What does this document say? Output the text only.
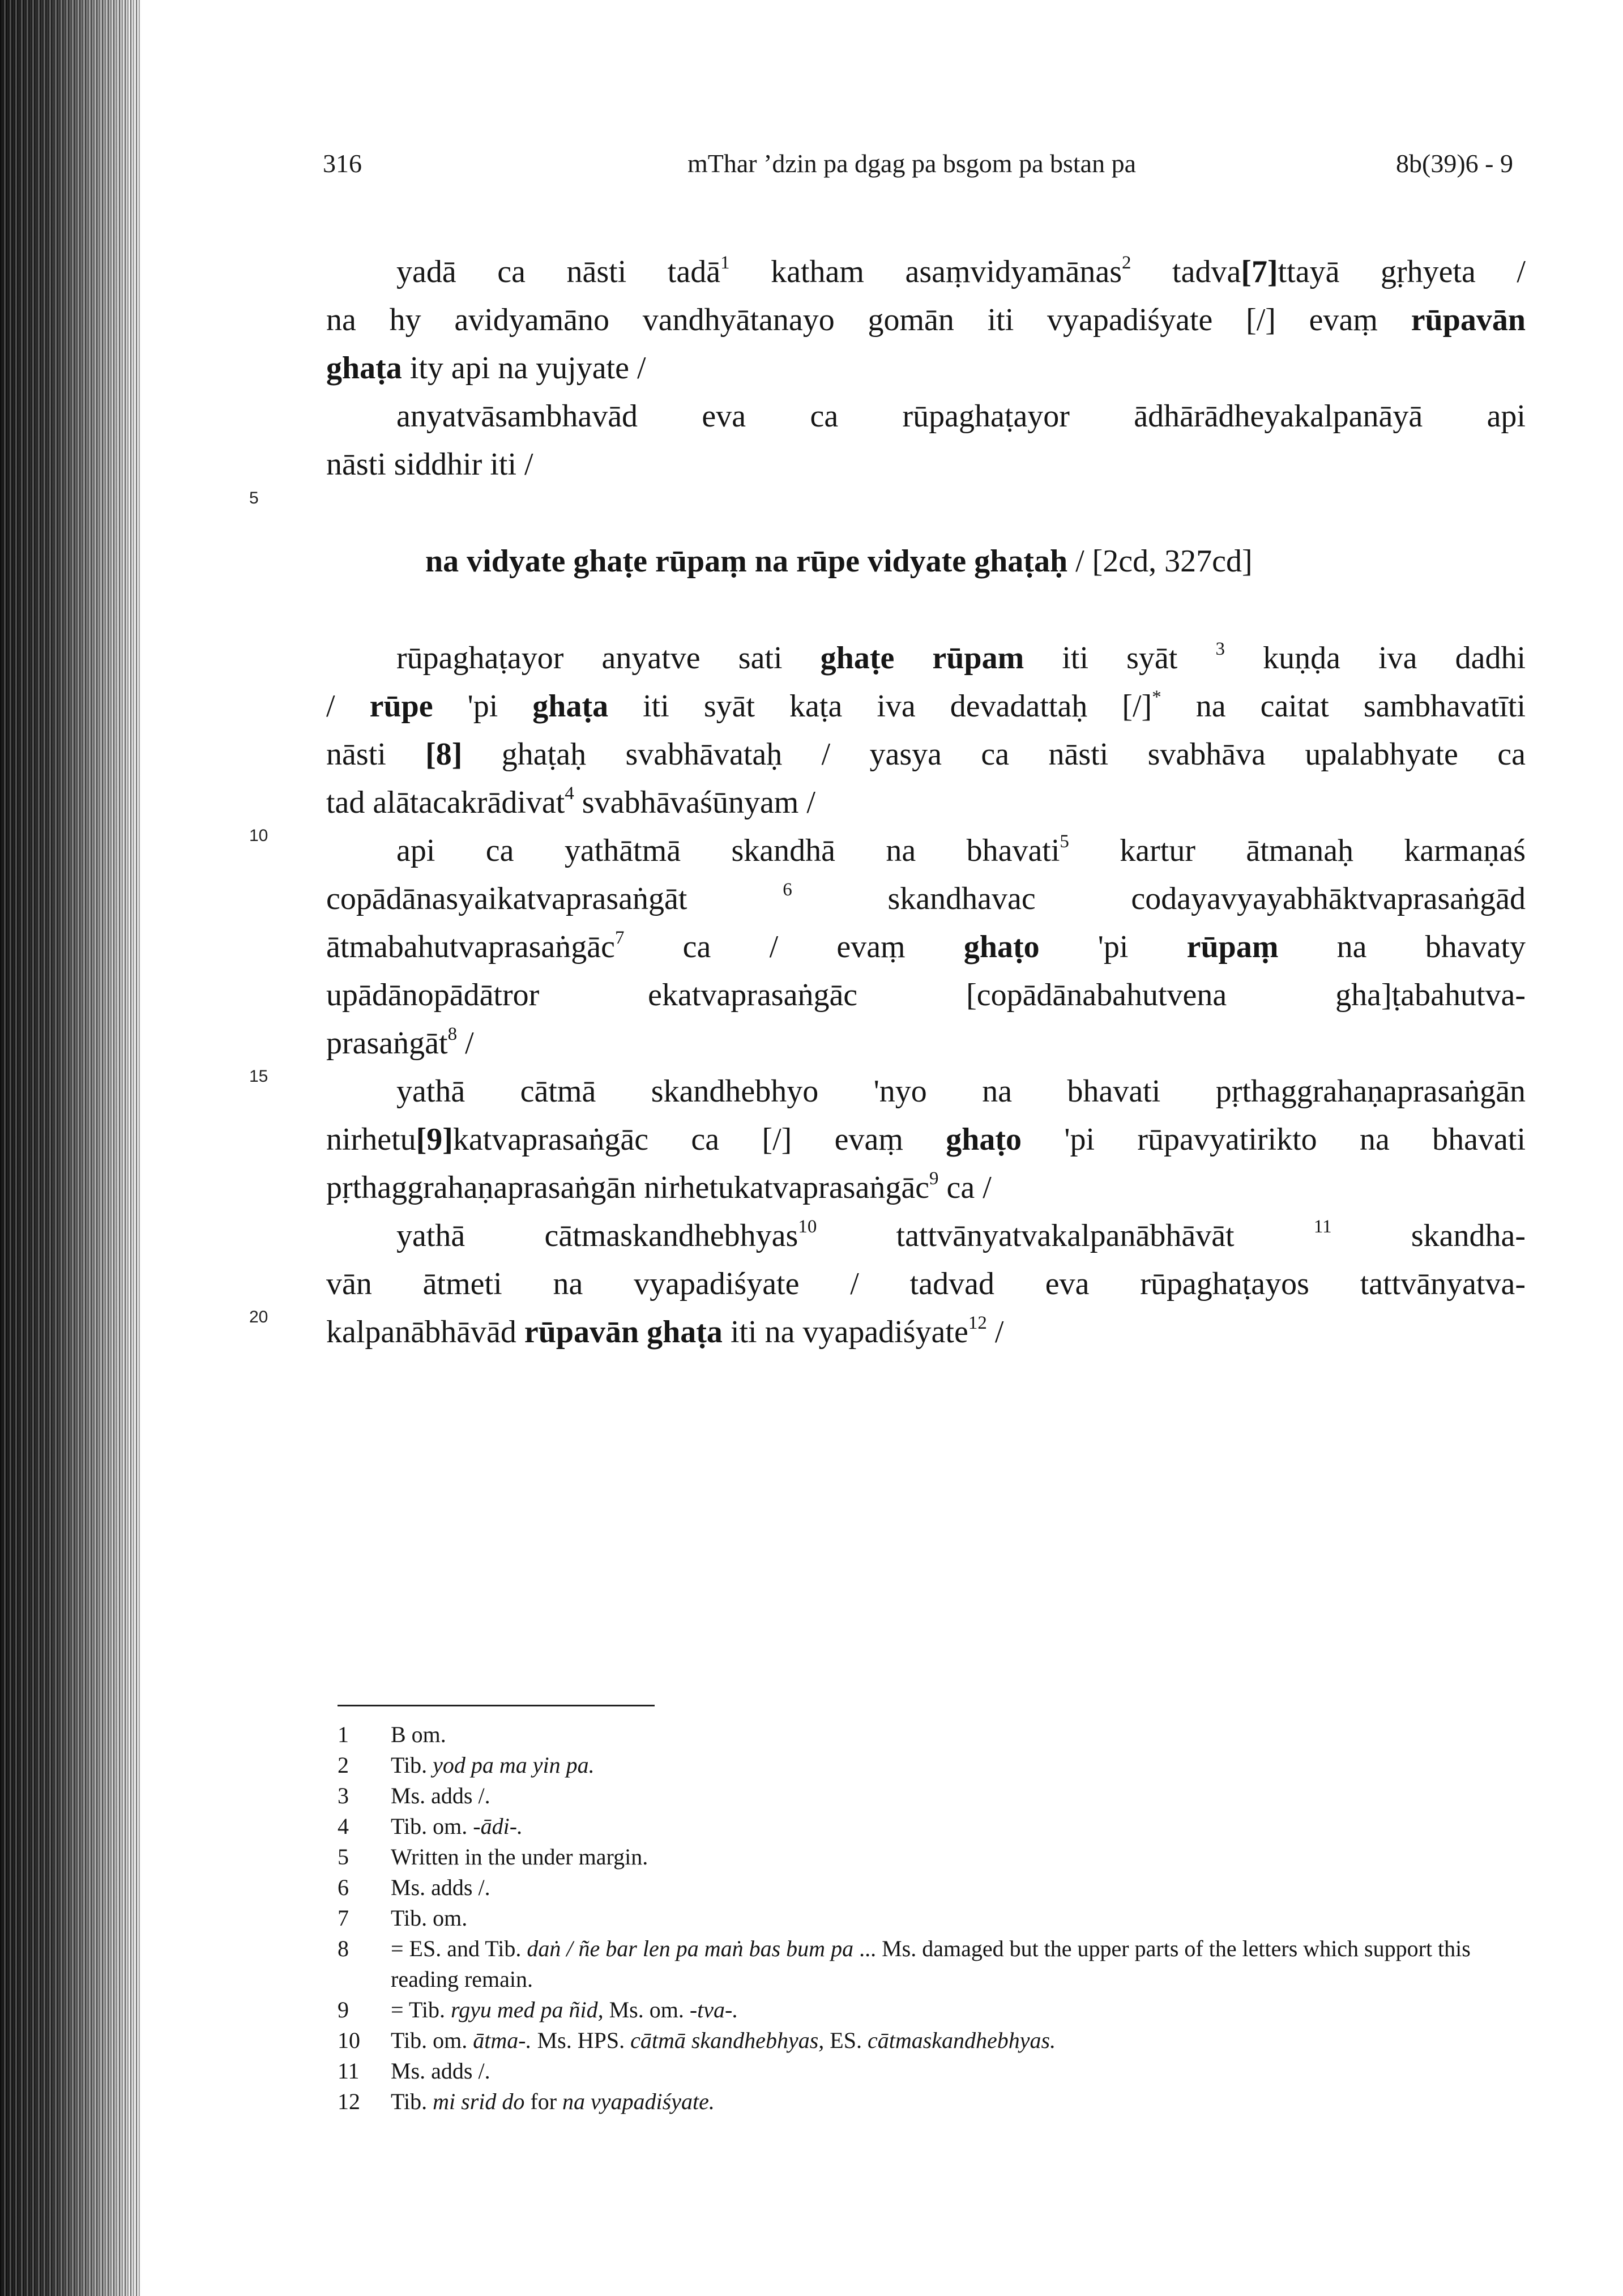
316	mThar ’dzin pa dgag pa bsgom pa bstan pa	8b(39)6 - 9
5
10
15
20
yadā ca nāsti tadā$^1$ katham asaṃvidyamānas$^2$ tadva[7]ttayā gṛhyeta /
na hy avidyamāno vandhyātanayo gomān iti vyapadiśyate [/] evaṃ rūpavān
ghaṭa ity api na yujyate /
anyatvāsambhavād eva ca rūpaghaṭayor ādhārādheyakalpanāyā api
nāsti siddhir iti /
na vidyate ghaṭe rūpaṃ na rūpe vidyate ghaṭaḥ / [2cd, 327cd]
rūpaghaṭayor anyatve sati ghaṭe rūpam iti syāt $^3$ kuṇḍa iva dadhi
/ rūpe 'pi ghaṭa iti syāt kaṭa iva devadattaḥ [/]* na caitat sambhavatīti
nāsti [8] ghaṭaḥ svabhāvataḥ / yasya ca nāsti svabhāva upalabhyate ca
tad alātacakrādivat$^4$ svabhāvaśūnyam /
api ca yathātmā skandhā na bhavati$^5$ kartur ātmanaḥ karmaṇaś
copādānasyaikatvaprasaṅgāt $^6$ skandhavac codayavyayabhāktvaprasaṅgād
ātmabahutvaprasaṅgāc$^7$ ca / evaṃ ghaṭo 'pi rūpaṃ na bhavaty
upādānopādātror ekatvaprasaṅgāc [copādānabahutvena gha]ṭabahutva-
prasaṅgāt$^8$ /
yathā cātmā skandhebhyo 'nyo na bhavati pṛthaggrahaṇaprasaṅgān
nirhetu[9]katvaprasaṅgāc ca [/] evaṃ ghaṭo 'pi rūpavyatirikto na bhavati
pṛthaggrahaṇaprasaṅgān nirhetukatvaprasaṅgāc$^9$ ca /
yathā cātmaskandhebhyas$^{10}$ tattvānyatvakalpanābhāvāt $^{11}$ skandha-
vān ātmeti na vyapadiśyate / tadvad eva rūpaghaṭayos tattvānyatva-
kalpanābhāvād rūpavān ghaṭa iti na vyapadiśyate$^{12}$ /
1 B om.
2 Tib. yod pa ma yin pa.
3 Ms. adds /.
4 Tib. om. -ādi-.
5 Written in the under margin.
6 Ms. adds /.
7 Tib. om.
8 = ES. and Tib. daṅ / ñe bar len pa maṅ bas bum pa ... Ms. damaged but the upper parts of the letters which support this reading remain.
9 = Tib. rgyu med pa ñid, Ms. om. -tva-.
10 Tib. om. ātma-. Ms. HPS. cātmā skandhebhyas, ES. cātmaskandhebhyas.
11 Ms. adds /.
12 Tib. mi srid do for na vyapadiśyate.
